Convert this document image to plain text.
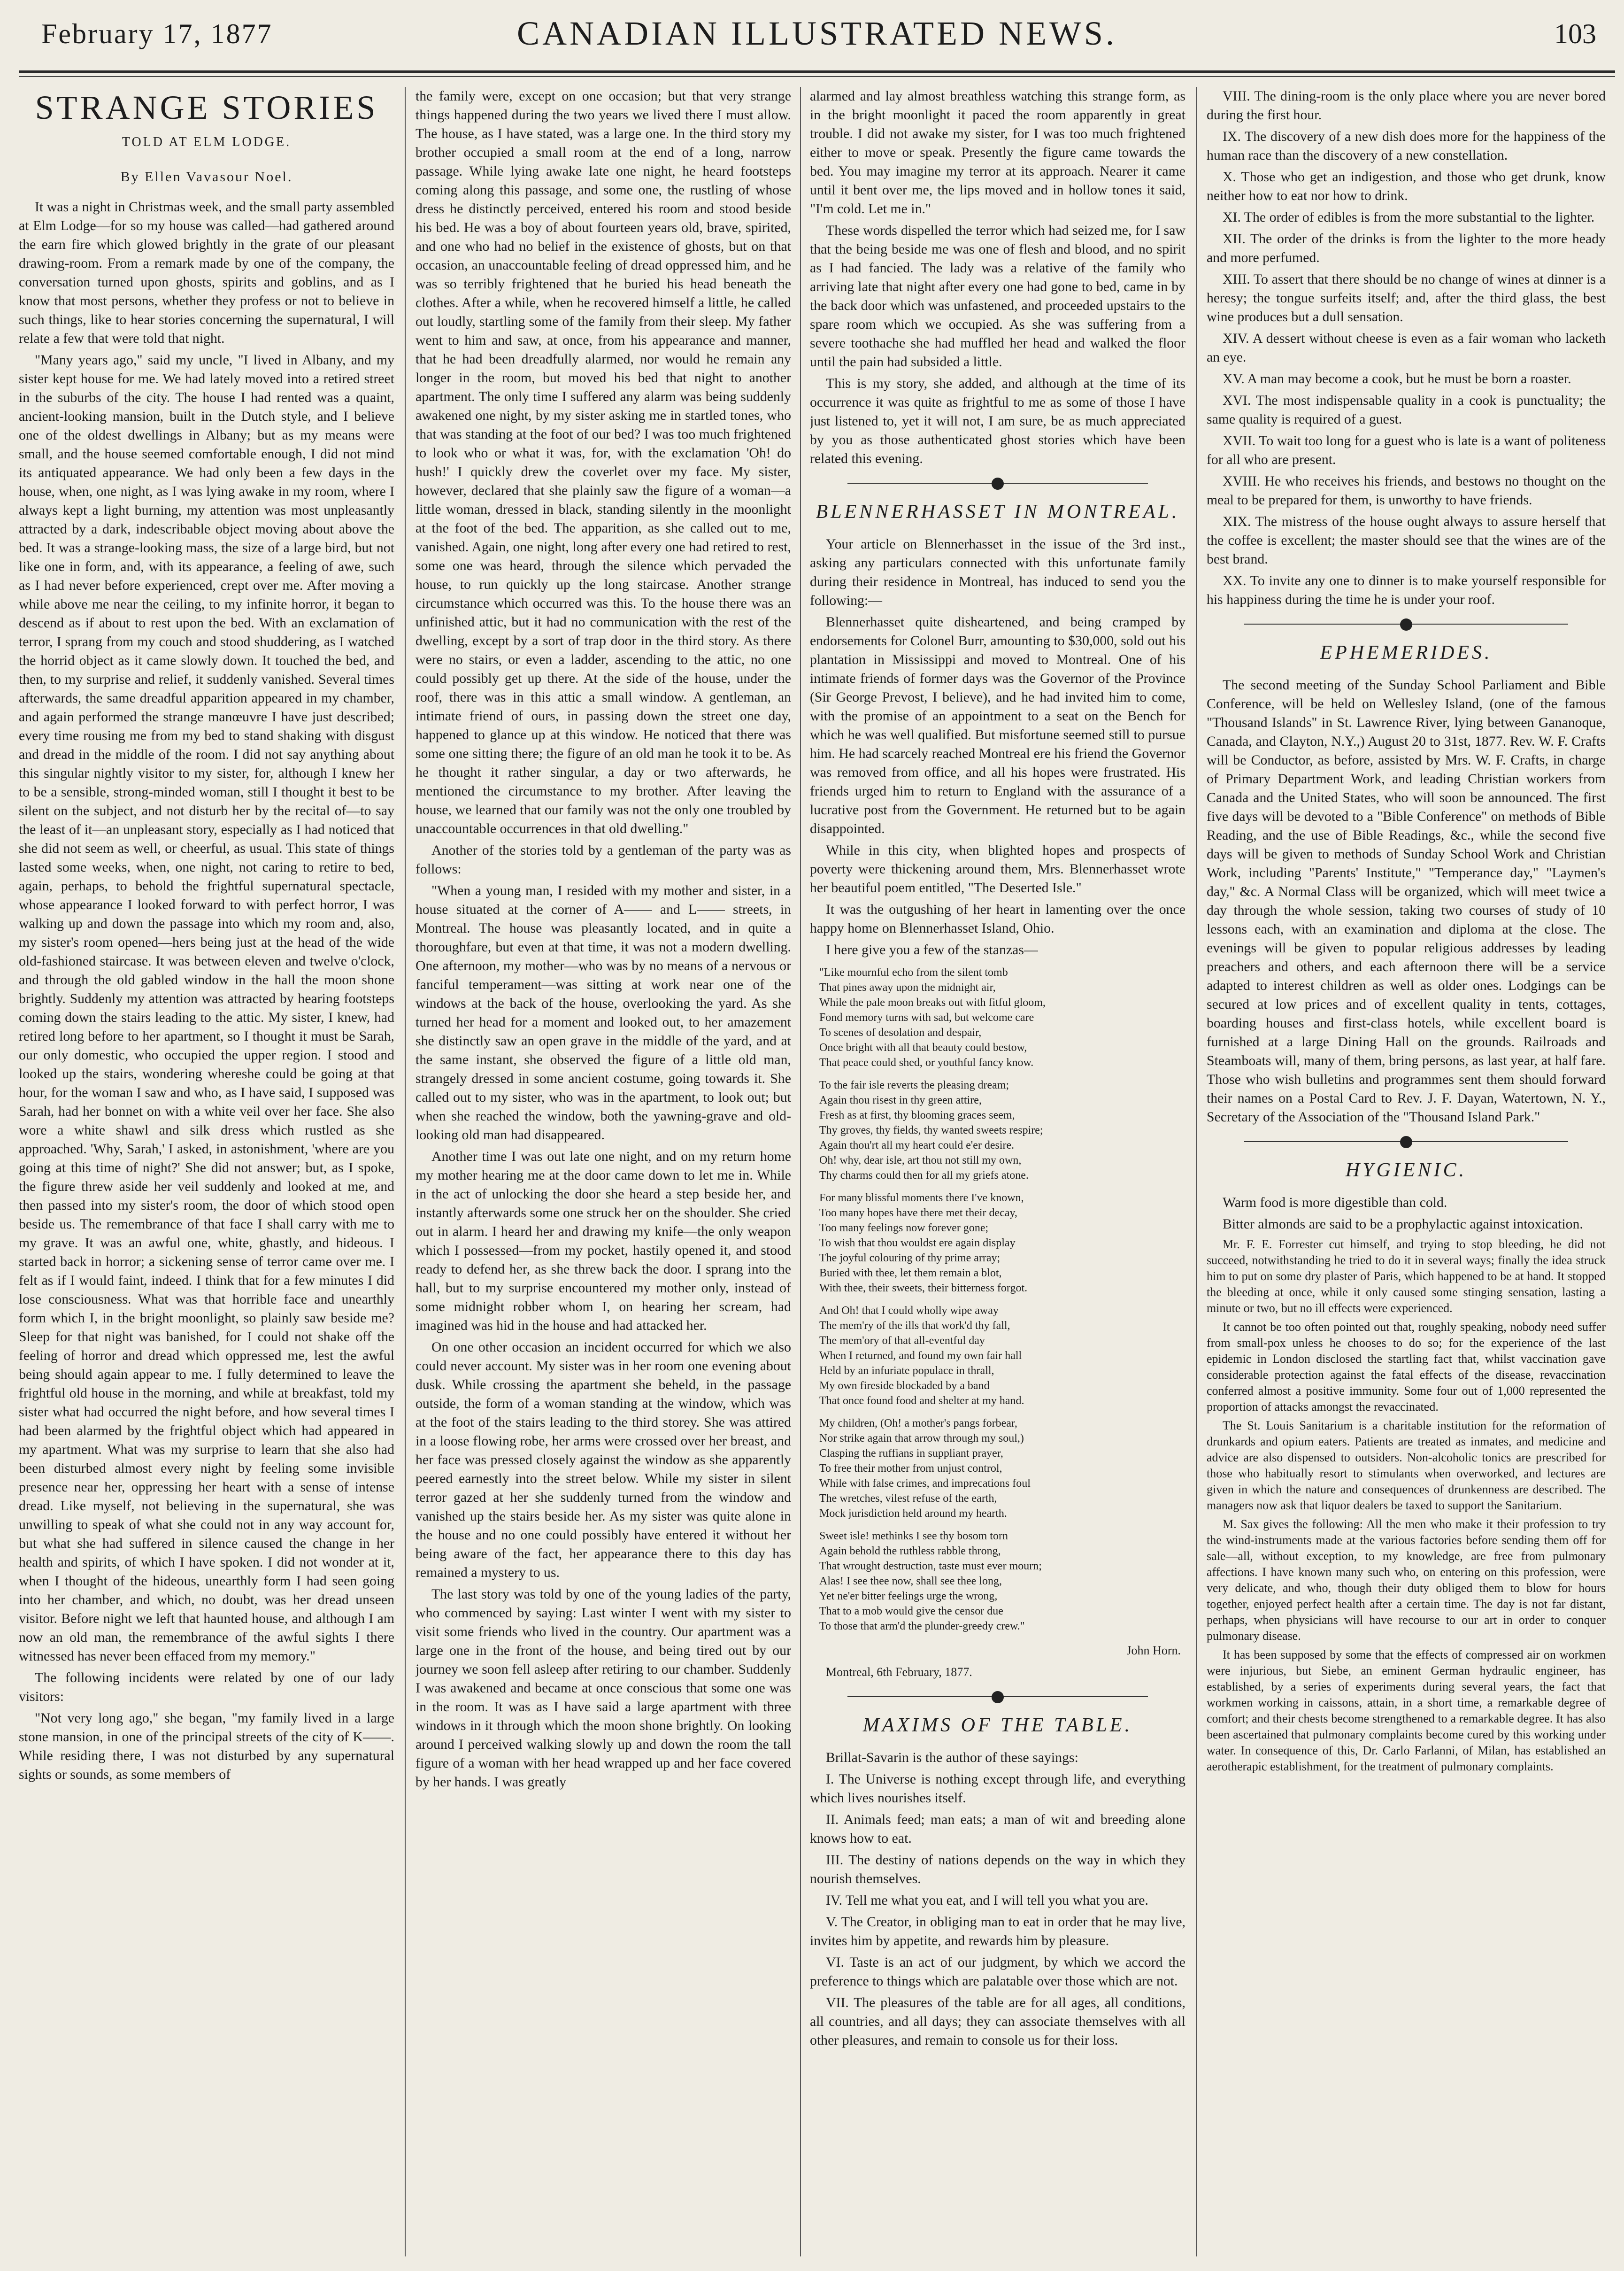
February 17, 1877	CANADIAN ILLUSTRATED NEWS.	103
STRANGE STORIES
TOLD AT ELM LODGE.
By Ellen Vavasour Noel.

It was a night in Christmas week, and the small party assembled at Elm Lodge—for so my house was called—had gathered around the earn fire which glowed brightly in the grate of our pleasant drawing-room. From a remark made by one of the company, the conversation turned upon ghosts, spirits and goblins, and as I know that most persons, whether they profess or not to believe in such things, like to hear stories concerning the supernatural, I will relate a few that were told that night.

"Many years ago," said my uncle, "I lived in Albany, and my sister kept house for me. We had lately moved into a retired street in the suburbs of the city. The house I had rented was a quaint, ancient-looking mansion, built in the Dutch style, and I believe one of the oldest dwellings in Albany; but as my means were small, and the house seemed comfortable enough, I did not mind its antiquated appearance. We had only been a few days in the house, when, one night, as I was lying awake in my room, where I always kept a light burning, my attention was most unpleasantly attracted by a dark, indescribable object moving about above the bed. It was a strange-looking mass, the size of a large bird, but not like one in form, and, with its appearance, a feeling of awe, such as I had never before experienced, crept over me. After moving a while above me near the ceiling, to my infinite horror, it began to descend as if about to rest upon the bed. With an exclamation of terror, I sprang from my couch and stood shuddering, as I watched the horrid object as it came slowly down. It touched the bed, and then, to my surprise and relief, it suddenly vanished. Several times afterwards, the same dreadful apparition appeared in my chamber, and again performed the strange manœuvre I have just described; every time rousing me from my bed to stand shaking with disgust and dread in the middle of the room. I did not say anything about this singular nightly visitor to my sister, for, although I knew her to be a sensible, strong-minded woman, still I thought it best to be silent on the subject, and not disturb her by the recital of—to say the least of it—an unpleasant story, especially as I had noticed that she did not seem as well, or cheerful, as usual. This state of things lasted some weeks, when, one night, not caring to retire to bed, again, perhaps, to behold the frightful supernatural spectacle, whose appearance I looked forward to with perfect horror, I was walking up and down the passage into which my room and, also, my sister's room opened—hers being just at the head of the wide old-fashioned staircase. It was between eleven and twelve o'clock, and through the old gabled window in the hall the moon shone brightly. Suddenly my attention was attracted by hearing footsteps coming down the stairs leading to the attic. My sister, I knew, had retired long before to her apartment, so I thought it must be Sarah, our only domestic, who occupied the upper region. I stood and looked up the stairs, wondering whereshe could be going at that hour, for the woman I saw and who, as I have said, I supposed was Sarah, had her bonnet on with a white veil over her face. She also wore a white shawl and silk dress which rustled as she approached. 'Why, Sarah,' I asked, in astonishment, 'where are you going at this time of night?' She did not answer; but, as I spoke, the figure threw aside her veil suddenly and looked at me, and then passed into my sister's room, the door of which stood open beside us. The remembrance of that face I shall carry with me to my grave. It was an awful one, white, ghastly, and hideous. I started back in horror; a sickening sense of terror came over me. I felt as if I would faint, indeed. I think that for a few minutes I did lose consciousness. What was that horrible face and unearthly form which I, in the bright moonlight, so plainly saw beside me? Sleep for that night was banished, for I could not shake off the feeling of horror and dread which oppressed me, lest the awful being should again appear to me. I fully determined to leave the frightful old house in the morning, and while at breakfast, told my sister what had occurred the night before, and how several times I had been alarmed by the frightful object which had appeared in my apartment. What was my surprise to learn that she also had been disturbed almost every night by feeling some invisible presence near her, oppressing her heart with a sense of intense dread. Like myself, not believing in the supernatural, she was unwilling to speak of what she could not in any way account for, but what she had suffered in silence caused the change in her health and spirits, of which I have spoken. I did not wonder at it, when I thought of the hideous, unearthly form I had seen going into her chamber, and which, no doubt, was her dread unseen visitor. Before night we left that haunted house, and although I am now an old man, the remembrance of the awful sights I there witnessed has never been effaced from my memory."

The following incidents were related by one of our lady visitors:

"Not very long ago," she began, "my family lived in a large stone mansion, in one of the principal streets of the city of K——. While residing there, I was not disturbed by any supernatural sights or sounds, as some members of

the family were, except on one occasion; but that very strange things happened during the two years we lived there I must allow. The house, as I have stated, was a large one. In the third story my brother occupied a small room at the end of a long, narrow passage. While lying awake late one night, he heard footsteps coming along this passage, and some one, the rustling of whose dress he distinctly perceived, entered his room and stood beside his bed. He was a boy of about fourteen years old, brave, spirited, and one who had no belief in the existence of ghosts, but on that occasion, an unaccountable feeling of dread oppressed him, and he was so terribly frightened that he buried his head beneath the clothes. After a while, when he recovered himself a little, he called out loudly, startling some of the family from their sleep. My father went to him and saw, at once, from his appearance and manner, that he had been dreadfully alarmed, nor would he remain any longer in the room, but moved his bed that night to another apartment. The only time I suffered any alarm was being suddenly awakened one night, by my sister asking me in startled tones, who that was standing at the foot of our bed? I was too much frightened to look who or what it was, for, with the exclamation 'Oh! do hush!' I quickly drew the coverlet over my face. My sister, however, declared that she plainly saw the figure of a woman—a little woman, dressed in black, standing silently in the moonlight at the foot of the bed. The apparition, as she called out to me, vanished. Again, one night, long after every one had retired to rest, some one was heard, through the silence which pervaded the house, to run quickly up the long staircase. Another strange circumstance which occurred was this. To the house there was an unfinished attic, but it had no communication with the rest of the dwelling, except by a sort of trap door in the third story. As there were no stairs, or even a ladder, ascending to the attic, no one could possibly get up there. At the side of the house, under the roof, there was in this attic a small window. A gentleman, an intimate friend of ours, in passing down the street one day, happened to glance up at this window. He noticed that there was some one sitting there; the figure of an old man he took it to be. As he thought it rather singular, a day or two afterwards, he mentioned the circumstance to my brother. After leaving the house, we learned that our family was not the only one troubled by unaccountable occurrences in that old dwelling."

Another of the stories told by a gentleman of the party was as follows:

"When a young man, I resided with my mother and sister, in a house situated at the corner of A—— and L—— streets, in Montreal. The house was pleasantly located, and in quite a thoroughfare, but even at that time, it was not a modern dwelling. One afternoon, my mother—who was by no means of a nervous or fanciful temperament—was sitting at work near one of the windows at the back of the house, overlooking the yard. As she turned her head for a moment and looked out, to her amazement she distinctly saw an open grave in the middle of the yard, and at the same instant, she observed the figure of a little old man, strangely dressed in some ancient costume, going towards it. She called out to my sister, who was in the apartment, to look out; but when she reached the window, both the yawning-grave and old-looking old man had disappeared.

Another time I was out late one night, and on my return home my mother hearing me at the door came down to let me in. While in the act of unlocking the door she heard a step beside her, and instantly afterwards some one struck her on the shoulder. She cried out in alarm. I heard her and drawing my knife—the only weapon which I possessed—from my pocket, hastily opened it, and stood ready to defend her, as she threw back the door. I sprang into the hall, but to my surprise encountered my mother only, instead of some midnight robber whom I, on hearing her scream, had imagined was hid in the house and had attacked her.

On one other occasion an incident occurred for which we also could never account. My sister was in her room one evening about dusk. While crossing the apartment she beheld, in the passage outside, the form of a woman standing at the window, which was at the foot of the stairs leading to the third storey. She was attired in a loose flowing robe, her arms were crossed over her breast, and her face was pressed closely against the window as she apparently peered earnestly into the street below. While my sister in silent terror gazed at her she suddenly turned from the window and vanished up the stairs beside her. As my sister was quite alone in the house and no one could possibly have entered it without her being aware of the fact, her appearance there to this day has remained a mystery to us.

The last story was told by one of the young ladies of the party, who commenced by saying: Last winter I went with my sister to visit some friends who lived in the country. Our apartment was a large one in the front of the house, and being tired out by our journey we soon fell asleep after retiring to our chamber. Suddenly I was awakened and became at once conscious that some one was in the room. It was as I have said a large apartment with three windows in it through which the moon shone brightly. On looking around I perceived walking slowly up and down the room the tall figure of a woman with her head wrapped up and her face covered by her hands. I was greatly

alarmed and lay almost breathless watching this strange form, as in the bright moonlight it paced the room apparently in great trouble. I did not awake my sister, for I was too much frightened either to move or speak. Presently the figure came towards the bed. You may imagine my terror at its approach. Nearer it came until it bent over me, the lips moved and in hollow tones it said, "I'm cold. Let me in."

These words dispelled the terror which had seized me, for I saw that the being beside me was one of flesh and blood, and no spirit as I had fancied. The lady was a relative of the family who arriving late that night after every one had gone to bed, came in by the back door which was unfastened, and proceeded upstairs to the spare room which we occupied. As she was suffering from a severe toothache she had muffled her head and walked the floor until the pain had subsided a little.

This is my story, she added, and although at the time of its occurrence it was quite as frightful to me as some of those I have just listened to, yet it will not, I am sure, be as much appreciated by you as those authenticated ghost stories which have been related this evening.

BLENNERHASSET IN MONTREAL.

Your article on Blennerhasset in the issue of the 3rd inst., asking any particulars connected with this unfortunate family during their residence in Montreal, has induced to send you the following:—

Blennerhasset quite disheartened, and being cramped by endorsements for Colonel Burr, amounting to $30,000, sold out his plantation in Mississippi and moved to Montreal. One of his intimate friends of former days was the Governor of the Province (Sir George Prevost, I believe), and he had invited him to come, with the promise of an appointment to a seat on the Bench for which he was well qualified. But misfortune seemed still to pursue him. He had scarcely reached Montreal ere his friend the Governor was removed from office, and all his hopes were frustrated. His friends urged him to return to England with the assurance of a lucrative post from the Government. He returned but to be again disappointed.

While in this city, when blighted hopes and prospects of poverty were thickening around them, Mrs. Blennerhasset wrote her beautiful poem entitled, "The Deserted Isle."

It was the outgushing of her heart in lamenting over the once happy home on Blennerhasset Island, Ohio.

I here give you a few of the stanzas—

"Like mournful echo from the silent tomb
That pines away upon the midnight air,
While the pale moon breaks out with fitful gloom,
Fond memory turns with sad, but welcome care
To scenes of desolation and despair,
Once bright with all that beauty could bestow,
That peace could shed, or youthful fancy know.
To the fair isle reverts the pleasing dream;
Again thou risest in thy green attire,
Fresh as at first, thy blooming graces seem,
Thy groves, thy fields, thy wanted sweets respire;
Again thou'rt all my heart could e'er desire.
Oh! why, dear isle, art thou not still my own,
Thy charms could then for all my griefs atone.
For many blissful moments there I've known,
Too many hopes have there met their decay,
Too many feelings now forever gone;
To wish that thou wouldst ere again display
The joyful colouring of thy prime array;
Buried with thee, let them remain a blot,
With thee, their sweets, their bitterness forgot.
And Oh! that I could wholly wipe away
The mem'ry of the ills that work'd thy fall,
The mem'ory of that all-eventful day
When I returned, and found my own fair hall
Held by an infuriate populace in thrall,
My own fireside blockaded by a band
That once found food and shelter at my hand.
My children, (Oh! a mother's pangs forbear,
Nor strike again that arrow through my soul,)
Clasping the ruffians in suppliant prayer,
To free their mother from unjust control,
While with false crimes, and imprecations foul
The wretches, vilest refuse of the earth,
Mock jurisdiction held around my hearth.
Sweet isle! methinks I see thy bosom torn
Again behold the ruthless rabble throng,
That wrought destruction, taste must ever mourn;
Alas! I see thee now, shall see thee long,
Yet ne'er bitter feelings urge the wrong,
That to a mob would give the censor due
To those that arm'd the plunder-greedy crew."
John Horn.

Montreal, 6th February, 1877.

MAXIMS OF THE TABLE.

Brillat-Savarin is the author of these sayings:

I. The Universe is nothing except through life, and everything which lives nourishes itself.

II. Animals feed; man eats; a man of wit and breeding alone knows how to eat.

III. The destiny of nations depends on the way in which they nourish themselves.

IV. Tell me what you eat, and I will tell you what you are.

V. The Creator, in obliging man to eat in order that he may live, invites him by appetite, and rewards him by pleasure.

VI. Taste is an act of our judgment, by which we accord the preference to things which are palatable over those which are not.

VII. The pleasures of the table are for all ages, all conditions, all countries, and all days; they can associate themselves with all other pleasures, and remain to console us for their loss.

VIII. The dining-room is the only place where you are never bored during the first hour.

IX. The discovery of a new dish does more for the happiness of the human race than the discovery of a new constellation.

X. Those who get an indigestion, and those who get drunk, know neither how to eat nor how to drink.

XI. The order of edibles is from the more substantial to the lighter.

XII. The order of the drinks is from the lighter to the more heady and more perfumed.

XIII. To assert that there should be no change of wines at dinner is a heresy; the tongue surfeits itself; and, after the third glass, the best wine produces but a dull sensation.

XIV. A dessert without cheese is even as a fair woman who lacketh an eye.

XV. A man may become a cook, but he must be born a roaster.

XVI. The most indispensable quality in a cook is punctuality; the same quality is required of a guest.

XVII. To wait too long for a guest who is late is a want of politeness for all who are present.

XVIII. He who receives his friends, and bestows no thought on the meal to be prepared for them, is unworthy to have friends.

XIX. The mistress of the house ought always to assure herself that the coffee is excellent; the master should see that the wines are of the best brand.

XX. To invite any one to dinner is to make yourself responsible for his happiness during the time he is under your roof.

EPHEMERIDES.

The second meeting of the Sunday School Parliament and Bible Conference, will be held on Wellesley Island, (one of the famous "Thousand Islands" in St. Lawrence River, lying between Gananoque, Canada, and Clayton, N.Y.,) August 20 to 31st, 1877. Rev. W. F. Crafts will be Conductor, as before, assisted by Mrs. W. F. Crafts, in charge of Primary Department Work, and leading Christian workers from Canada and the United States, who will soon be announced. The first five days will be devoted to a "Bible Conference" on methods of Bible Reading, and the use of Bible Readings, &c., while the second five days will be given to methods of Sunday School Work and Christian Work, including "Parents' Institute," "Temperance day," "Laymen's day," &c. A Normal Class will be organized, which will meet twice a day through the whole session, taking two courses of study of 10 lessons each, with an examination and diploma at the close. The evenings will be given to popular religious addresses by leading preachers and others, and each afternoon there will be a service adapted to interest children as well as older ones. Lodgings can be secured at low prices and of excellent quality in tents, cottages, boarding houses and first-class hotels, while excellent board is furnished at a large Dining Hall on the grounds. Railroads and Steamboats will, many of them, bring persons, as last year, at half fare. Those who wish bulletins and programmes sent them should forward their names on a Postal Card to Rev. J. F. Dayan, Watertown, N. Y., Secretary of the Association of the "Thousand Island Park."

HYGIENIC.

Warm food is more digestible than cold.

Bitter almonds are said to be a prophylactic against intoxication.

Mr. F. E. Forrester cut himself, and trying to stop bleeding, he did not succeed, notwithstanding he tried to do it in several ways; finally the idea struck him to put on some dry plaster of Paris, which happened to be at hand. It stopped the bleeding at once, while it only caused some stinging sensation, lasting a minute or two, but no ill effects were experienced.

It cannot be too often pointed out that, roughly speaking, nobody need suffer from small-pox unless he chooses to do so; for the experience of the last epidemic in London disclosed the startling fact that, whilst vaccination gave considerable protection against the fatal effects of the disease, revaccination conferred almost a positive immunity. Some four out of 1,000 represented the proportion of attacks amongst the revaccinated.

The St. Louis Sanitarium is a charitable institution for the reformation of drunkards and opium eaters. Patients are treated as inmates, and medicine and advice are also dispensed to outsiders. Non-alcoholic tonics are prescribed for those who habitually resort to stimulants when overworked, and lectures are given in which the nature and consequences of drunkenness are described. The managers now ask that liquor dealers be taxed to support the Sanitarium.

M. Sax gives the following: All the men who make it their profession to try the wind-instruments made at the various factories before sending them off for sale—all, without exception, to my knowledge, are free from pulmonary affections. I have known many such who, on entering on this profession, were very delicate, and who, though their duty obliged them to blow for hours together, enjoyed perfect health after a certain time. The day is not far distant, perhaps, when physicians will have recourse to our art in order to conquer pulmonary disease.

It has been supposed by some that the effects of compressed air on workmen were injurious, but Siebe, an eminent German hydraulic engineer, has established, by a series of experiments during several years, the fact that workmen working in caissons, attain, in a short time, a remarkable degree of comfort; and their chests become strengthened to a remarkable degree. It has also been ascertained that pulmonary complaints become cured by this working under water. In consequence of this, Dr. Carlo Farlanni, of Milan, has established an aerotherapic establishment, for the treatment of pulmonary complaints.
